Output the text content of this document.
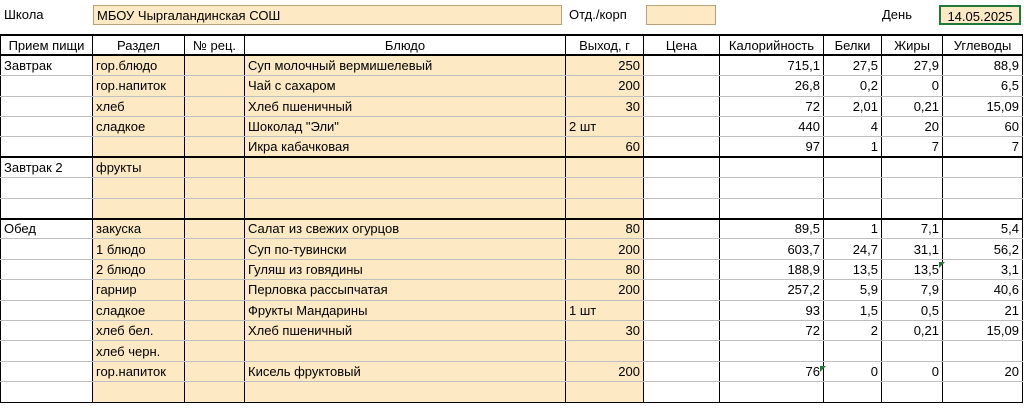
Школа	МБОУ Чыргаландинская СОШ	Отд./корп	День	14.05.2025
Прием пищи	Раздел	№ рец.	Блюдо	Выход, г	Цена	Калорийность	Белки	Жиры	Углеводы
Завтрак	гор.блюдо		Суп молочный вермишелевый	250		715,1	27,5	27,9	88,9
	гор.напиток		Чай с сахаром	200		26,8	0,2	0	6,5
	хлеб		Хлеб пшеничный	30		72	2,01	0,21	15,09
	сладкое		Шоколад "Эли"	2 шт		440	4	20	60
			Икра кабачковая	60		97	1	7	7
Завтрак 2	фрукты								

Обед	закуска		Салат из свежих огурцов	80		89,5	1	7,1	5,4
	1 блюдо		Суп по-тувински	200		603,7	24,7	31,1	56,2
	2 блюдо		Гуляш из говядины	80		188,9	13,5	13,5	3,1
	гарнир		Перловка рассыпчатая	200		257,2	5,9	7,9	40,6
	сладкое		Фрукты Мандарины	1 шт		93	1,5	0,5	21
	хлеб бел.		Хлеб пшеничный	30		72	2	0,21	15,09
	хлеб черн.								
	гор.напиток		Кисель фруктовый	200		76	0	0	20
